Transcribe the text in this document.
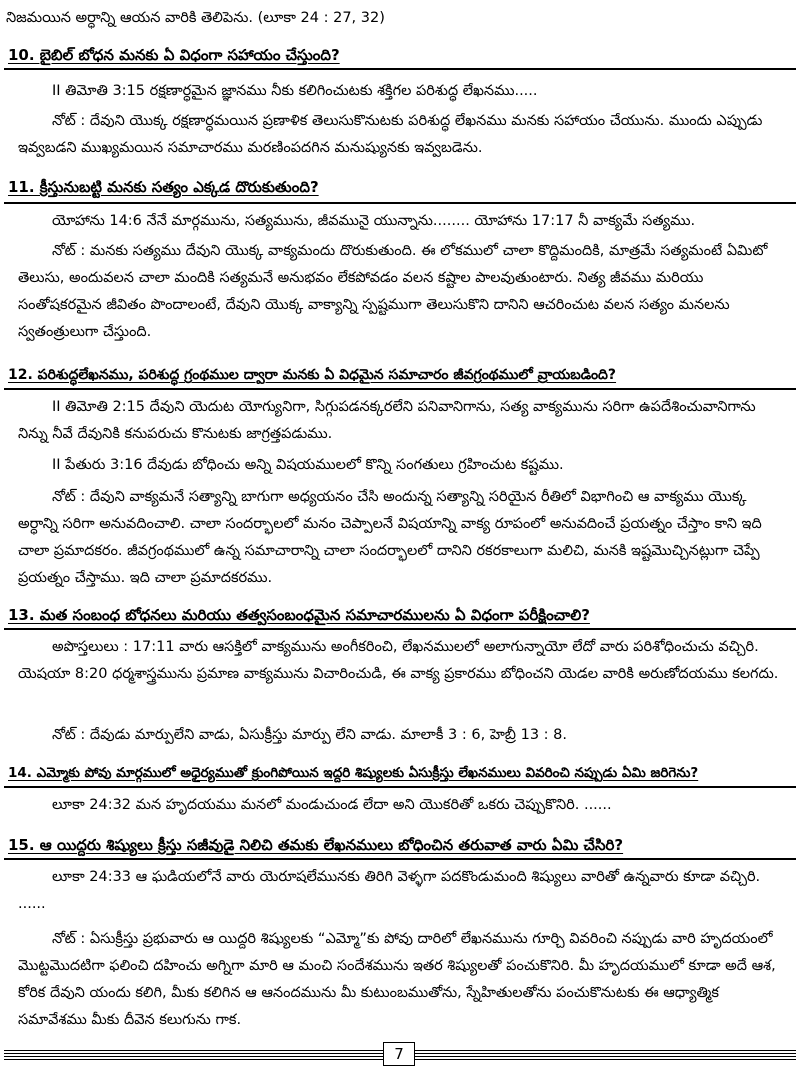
నిజమయిన అర్ధాన్ని ఆయన వారికి తెలిపెను. (లూకా 24 : 27, 32)
10. బైబిల్ బోధన మనకు ఏ విధంగా సహాయం చేస్తుంది?
II తిమోతి 3:15 రక్షణార్ధమైన జ్ఞానము నీకు కలిగించుటకు శక్తిగల పరిశుద్ధ లేఖనము.....
నోట్ : దేవుని యొక్క రక్షణార్ధమయిన ప్రణాళిక తెలుసుకొనుటకు పరిశుద్ధ లేఖనము మనకు సహాయం చేయును. ముందు ఎప్పుడు ఇవ్వబడని ముఖ్యమయిన సమాచారము మరణింపదగిన మనుష్యునకు ఇవ్వబడెను.
11. క్రీస్తునుబట్టి మనకు సత్యం ఎక్కడ దొరుకుతుంది?
యోహాను 14:6 నేనే మార్గమును, సత్యమును, జీవమునై యున్నాను........ యోహాను 17:17 నీ వాక్యమే సత్యము.
నోట్ : మనకు సత్యము దేవుని యొక్క వాక్యమందు దొరుకుతుంది. ఈ లోకములో చాలా కొద్దిమందికి, మాత్రమే సత్యమంటే ఏమిటో తెలుసు, అందువలన చాలా మందికి సత్యమనే అనుభవం లేకపోవడం వలన కష్టాల పాలవుతుంటారు. నిత్య జీవము మరియు సంతోషకరమైన జీవితం పొందాలంటే, దేవుని యొక్క వాక్యాన్ని స్పష్టముగా తెలుసుకొని దానిని ఆచరించుట వలన సత్యం మనలను స్వతంత్రులుగా చేస్తుంది.
12. పరిశుద్ధలేఖనము, పరిశుద్ధ గ్రంథముల ద్వారా మనకు ఏ విధమైన సమాచారం జీవగ్రంథములో వ్రాయబడింది?
II తిమోతి 2:15 దేవుని యెదుట యోగ్యునిగా, సిగ్గుపడనక్కరలేని పనివానిగాను, సత్య వాక్యమును సరిగా ఉపదేశించువానిగాను నిన్ను నీవే దేవునికి కనుపరుచు కొనుటకు జాగ్రత్తపడుము.
II పేతురు 3:16 దేవుడు బోధించు అన్ని విషయములలో కొన్ని సంగతులు గ్రహించుట కష్టము.
నోట్ : దేవుని వాక్యమనే సత్యాన్ని బాగుగా అధ్యయనం చేసి అందున్న సత్యాన్ని సరియైన రీతిలో విభాగించి ఆ వాక్యము యొక్క అర్ధాన్ని సరిగా అనువదించాలి. చాలా సందర్భాలలో మనం చెప్పాలనే విషయాన్ని వాక్య రూపంలో అనువదించే ప్రయత్నం చేస్తాం కాని ఇది చాలా ప్రమాదకరం. జీవగ్రంథములో ఉన్న సమాచారాన్ని చాలా సందర్భాలలో దానిని రకరకాలుగా మలిచి, మనకి ఇష్టమొచ్చినట్లుగా చెప్పే ప్రయత్నం చేస్తాము. ఇది చాలా ప్రమాదకరము.
13. మత సంబంధ బోధనలు మరియు తత్వసంబంధమైన సమాచారములను ఏ విధంగా పరీక్షించాలి?
అపొస్తలులు : 17:11 వారు ఆసక్తిలో వాక్యమును అంగీకరించి, లేఖనములలో అలాగున్నాయో లేదో వారు పరిశోధించుచు వచ్చిరి. యెషయా 8:20 ధర్మశాస్త్రమును ప్రమాణ వాక్యమును విచారించుడి, ఈ వాక్య ప్రకారము బోధించని యెడల వారికి అరుణోదయము కలగదు.
నోట్ : దేవుడు మార్పులేని వాడు, ఏసుక్రీస్తు మార్పు లేని వాడు. మాలాకీ 3 : 6, హెబ్రీ 13 : 8.
14. ఎమ్మోకు పోవు మార్గములో అధైర్యముతో క్రుంగిపోయిన ఇద్దరి శిష్యులకు ఏసుక్రీస్తు లేఖనములు వివరించి నప్పుడు ఏమి జరిగెను?
లూకా 24:32 మన హృదయము మనలో మండుచుండ లేదా అని యొకరితో ఒకరు చెప్పుకొనిరి. ......
15. ఆ యిద్దరు శిష్యులు క్రీస్తు సజీవుడై నిలిచి తమకు లేఖనములు బోధించిన తరువాత వారు ఏమి చేసిరి?
లూకా 24:33 ఆ ఘడియలోనే వారు యెరూషలేమునకు తిరిగి వెళ్ళగా పదకొండుమంది శిష్యులు వారితో ఉన్నవారు కూడా వచ్చిరి. ......
నోట్ : ఏసుక్రీస్తు ప్రభువారు ఆ యిద్దరి శిష్యులకు “ఎమ్మో”కు పోవు దారిలో లేఖనమును గూర్చి వివరించి నప్పుడు వారి హృదయంలో మొట్టమొదటిగా ఫలించి దహించు అగ్నిగా మారి ఆ మంచి సందేశమును ఇతర శిష్యులతో పంచుకొనిరి. మీ హృదయములో కూడా అదే ఆశ, కోరిక దేవుని యందు కలిగి, మీకు కలిగిన ఆ ఆనందమును మీ కుటుంబముతోను, స్నేహితులతోను పంచుకొనుటకు ఈ ఆధ్యాత్మిక సమావేశము మీకు దీవెన కలుగును గాక.
7
